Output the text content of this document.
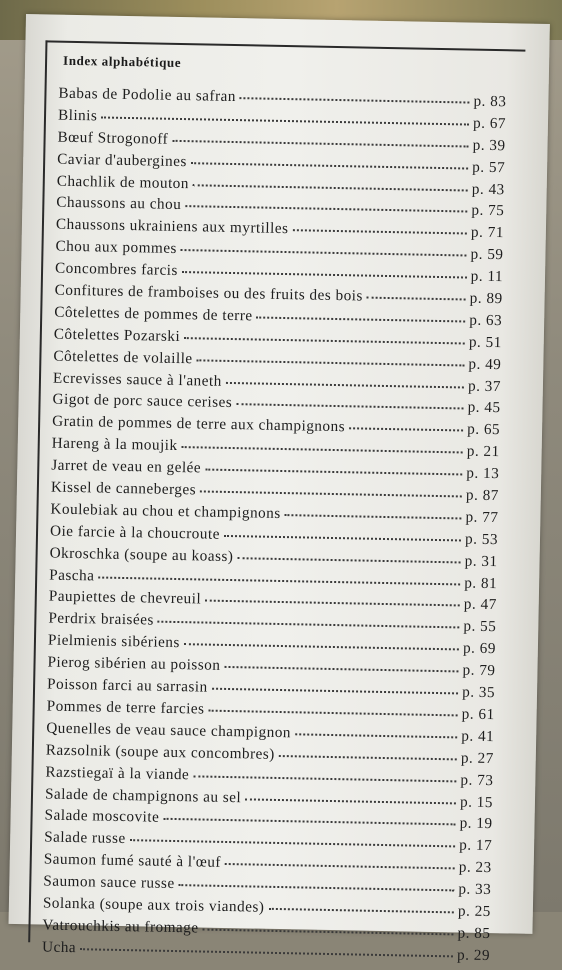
Index alphabétique
Babas de Podolie au safran	p. 83
Blinis	p. 67
Bœuf Strogonoff	p. 39
Caviar d'aubergines	p. 57
Chachlik de mouton	p. 43
Chaussons au chou	p. 75
Chaussons ukrainiens aux myrtilles	p. 71
Chou aux pommes	p. 59
Concombres farcis	p. 11
Confitures de framboises ou des fruits des bois	p. 89
Côtelettes de pommes de terre	p. 63
Côtelettes Pozarski	p. 51
Côtelettes de volaille	p. 49
Ecrevisses sauce à l'aneth	p. 37
Gigot de porc sauce cerises	p. 45
Gratin de pommes de terre aux champignons	p. 65
Hareng à la moujik	p. 21
Jarret de veau en gelée	p. 13
Kissel de canneberges	p. 87
Koulebiak au chou et champignons	p. 77
Oie farcie à la choucroute	p. 53
Okroschka (soupe au koass)	p. 31
Pascha	p. 81
Paupiettes de chevreuil	p. 47
Perdrix braisées	p. 55
Pielmienis sibériens	p. 69
Pierog sibérien au poisson	p. 79
Poisson farci au sarrasin	p. 35
Pommes de terre farcies	p. 61
Quenelles de veau sauce champignon	p. 41
Razsolnik (soupe aux concombres)	p. 27
Razstiegaï à la viande	p. 73
Salade de champignons au sel	p. 15
Salade moscovite	p. 19
Salade russe	p. 17
Saumon fumé sauté à l'œuf	p. 23
Saumon sauce russe	p. 33
Solanka (soupe aux trois viandes)	p. 25
Vatrouchkis au fromage	p. 85
Ucha	p. 29
